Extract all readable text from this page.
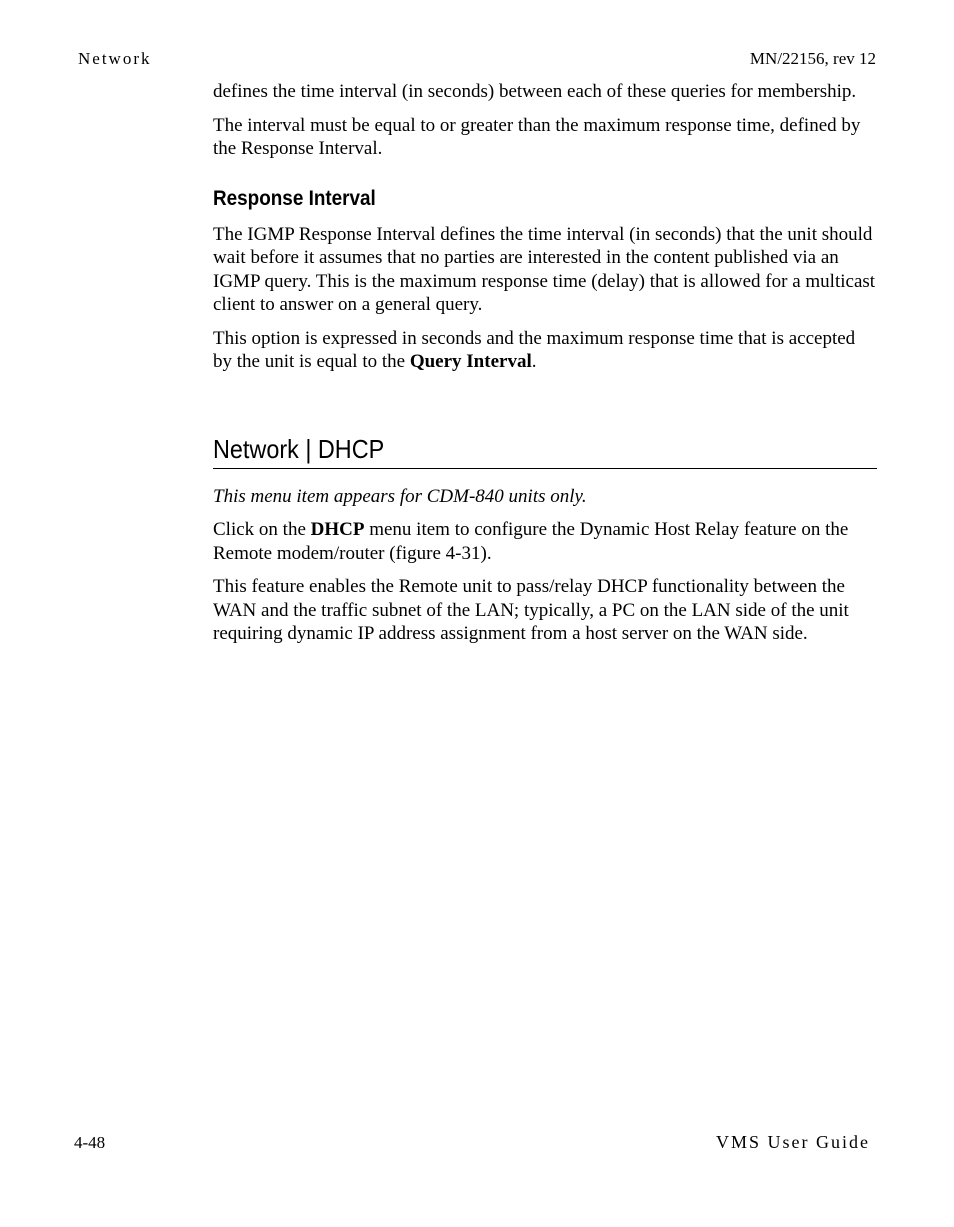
Network	MN/22156, rev 12

defines the time interval (in seconds) between each of these queries for membership.

The interval must be equal to or greater than the maximum response time, defined by the Response Interval.

Response Interval

The IGMP Response Interval defines the time interval (in seconds) that the unit should wait before it assumes that no parties are interested in the content published via an IGMP query. This is the maximum response time (delay) that is allowed for a multicast client to answer on a general query.

This option is expressed in seconds and the maximum response time that is accepted by the unit is equal to the Query Interval.

Network | DHCP

This menu item appears for CDM-840 units only.

Click on the DHCP menu item to configure the Dynamic Host Relay feature on the Remote modem/router (figure 4-31).

This feature enables the Remote unit to pass/relay DHCP functionality between the WAN and the traffic subnet of the LAN; typically, a PC on the LAN side of the unit requiring dynamic IP address assignment from a host server on the WAN side.

4-48	VMS User Guide
